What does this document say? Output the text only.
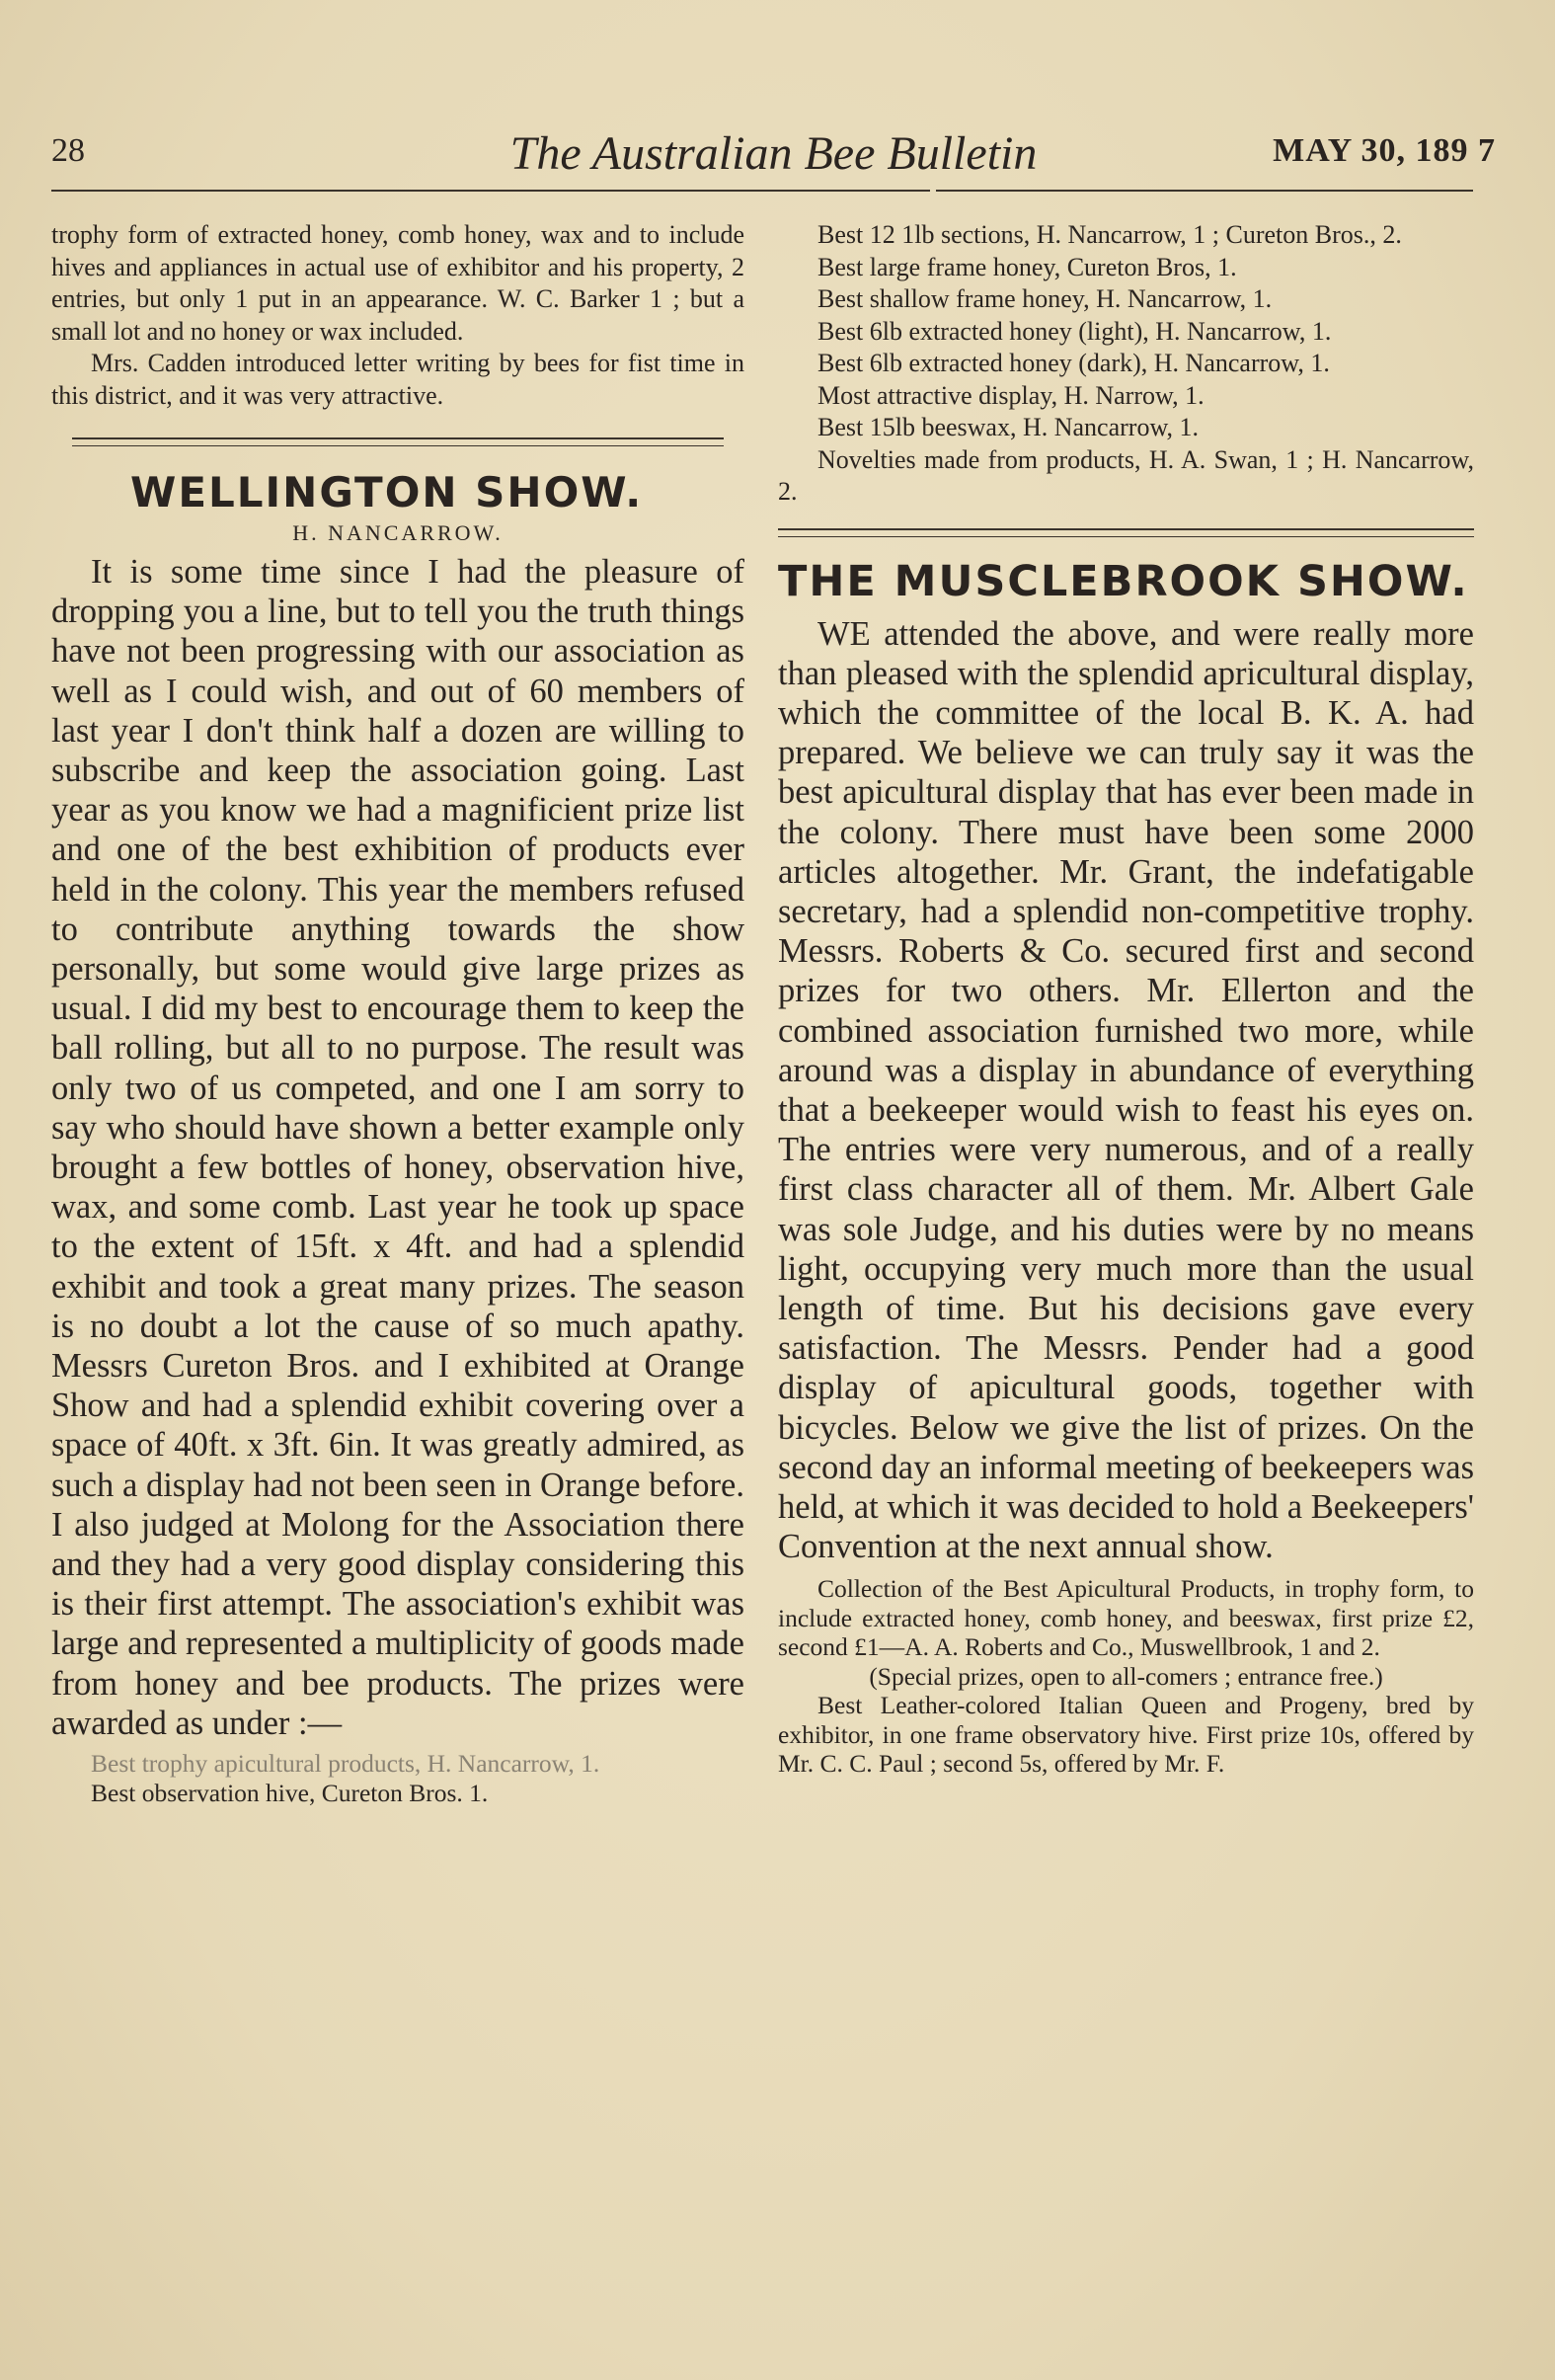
28	The Australian Bee Bulletin	MAY 30, 189 7

trophy form of extracted honey, comb honey, wax and to include hives and appliances in actual use of exhibitor and his property, 2 entries, but only 1 put in an appearance. W. C. Barker 1 ; but a small lot and no honey or wax included.

Mrs. Cadden introduced letter writing by bees for fist time in this district, and it was very attractive.

WELLINGTON SHOW.
H. NANCARROW.

It is some time since I had the pleasure of dropping you a line, but to tell you the truth things have not been progressing with our association as well as I could wish, and out of 60 members of last year I don't think half a dozen are willing to subscribe and keep the association going. Last year as you know we had a magnificient prize list and one of the best exhibition of products ever held in the colony. This year the members refused to contribute anything towards the show personally, but some would give large prizes as usual. I did my best to encourage them to keep the ball rolling, but all to no purpose. The result was only two of us competed, and one I am sorry to say who should have shown a better example only brought a few bottles of honey, observation hive, wax, and some comb. Last year he took up space to the extent of 15ft. x 4ft. and had a splendid exhibit and took a great many prizes. The season is no doubt a lot the cause of so much apathy. Messrs Cureton Bros. and I exhibited at Orange Show and had a splendid exhibit covering over a space of 40ft. x 3ft. 6in. It was greatly admired, as such a display had not been seen in Orange before. I also judged at Molong for the Association there and they had a very good display considering this is their first attempt. The association's exhibit was large and represented a multiplicity of goods made from honey and bee products. The prizes were awarded as under :—

Best trophy apicultural products, H. Nancarrow, 1.

Best observation hive, Cureton Bros. 1.

Best 12 1lb sections, H. Nancarrow, 1 ; Cureton Bros., 2.
Best large frame honey, Cureton Bros, 1.
Best shallow frame honey, H. Nancarrow, 1.
Best 6lb extracted honey (light), H. Nancarrow, 1.
Best 6lb extracted honey (dark), H. Nancarrow, 1.
Most attractive display, H. Narrow, 1.
Best 15lb beeswax, H. Nancarrow, 1.
Novelties made from products, H. A. Swan, 1 ; H. Nancarrow, 2.
THE MUSCLEBROOK SHOW.

WE attended the above, and were really more than pleased with the splendid apricultural display, which the committee of the local B. K. A. had prepared. We believe we can truly say it was the best apicultural display that has ever been made in the colony. There must have been some 2000 articles altogether. Mr. Grant, the indefatigable secretary, had a splendid non-competitive trophy. Messrs. Roberts & Co. secured first and second prizes for two others. Mr. Ellerton and the combined association furnished two more, while around was a display in abundance of everything that a beekeeper would wish to feast his eyes on. The entries were very numerous, and of a really first class character all of them. Mr. Albert Gale was sole Judge, and his duties were by no means light, occupying very much more than the usual length of time. But his decisions gave every satisfaction. The Messrs. Pender had a good display of apicultural goods, together with bicycles. Below we give the list of prizes. On the second day an informal meeting of beekeepers was held, at which it was decided to hold a Beekeepers' Convention at the next annual show.

Collection of the Best Apicultural Products, in trophy form, to include extracted honey, comb honey, and beeswax, first prize £2, second £1—A. A. Roberts and Co., Muswellbrook, 1 and 2.

(Special prizes, open to all-comers ; entrance free.)

Best Leather-colored Italian Queen and Progeny, bred by exhibitor, in one frame observatory hive. First prize 10s, offered by Mr. C. C. Paul ; second 5s, offered by Mr. F.
